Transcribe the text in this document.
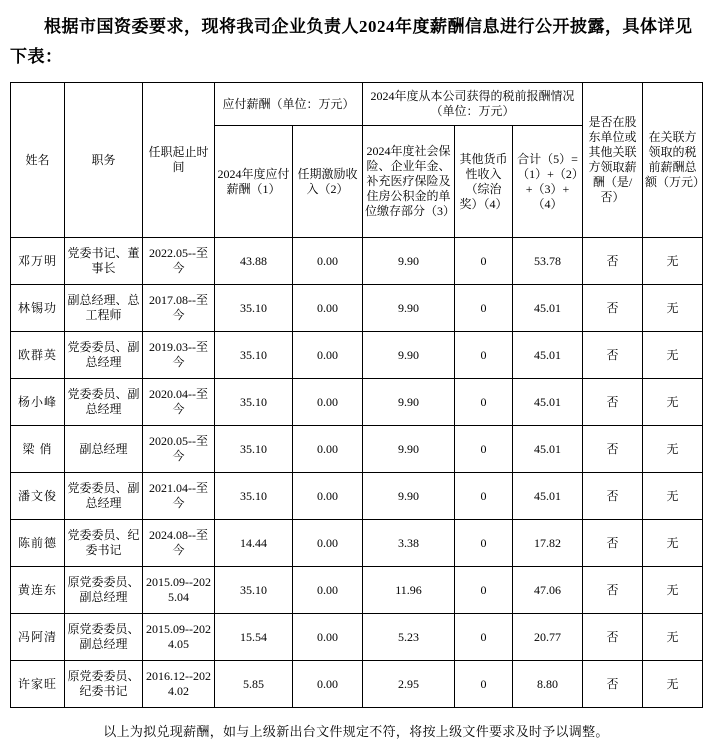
根据市国资委要求，现将我司企业负责人2024年度薪酬信息进行公开披露，具体详见下表：
姓名	职务	任职起止时间	应付薪酬（单位：万元）		2024年度从本公司获得的税前报酬情况（单位：万元）			是否在股东单位或其他关联方领取薪酬（是/否）	在关联方领取的税前薪酬总额（万元）
			2024年度应付薪酬（1）	任期激励收入（2）	2024年度社会保险、企业年金、补充医疗保险及住房公积金的单位缴存部分（3）	其他货币性收入（综治奖）（4）	合计（5）=（1）+（2）+（3）+（4）		
邓万明	党委书记、董事长	2022.05--至今	43.88	0.00	9.90	0	53.78	否	无
林锡功	副总经理、总工程师	2017.08--至今	35.10	0.00	9.90	0	45.01	否	无
欧群英	党委委员、副总经理	2019.03--至今	35.10	0.00	9.90	0	45.01	否	无
杨小峰	党委委员、副总经理	2020.04--至今	35.10	0.00	9.90	0	45.01	否	无
梁 俏	副总经理	2020.05--至今	35.10	0.00	9.90	0	45.01	否	无
潘文俊	党委委员、副总经理	2021.04--至今	35.10	0.00	9.90	0	45.01	否	无
陈前德	党委委员、纪委书记	2024.08--至今	14.44	0.00	3.38	0	17.82	否	无
黄连东	原党委委员、副总经理	2015.09--2025.04	35.10	0.00	11.96	0	47.06	否	无
冯阿清	原党委委员、副总经理	2015.09--2024.05	15.54	0.00	5.23	0	20.77	否	无
许家旺	原党委委员、纪委书记	2016.12--2024.02	5.85	0.00	2.95	0	8.80	否	无
以上为拟兑现薪酬，如与上级新出台文件规定不符，将按上级文件要求及时予以调整。
